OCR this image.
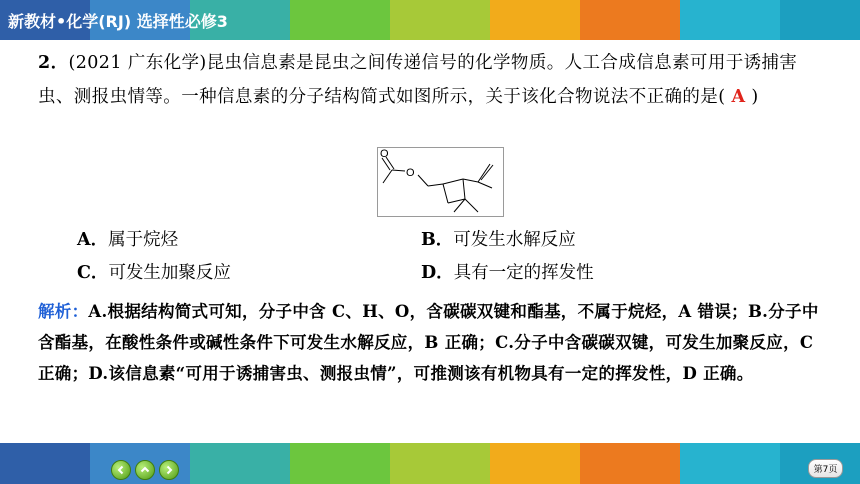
新教材•化学(RJ) 选择性必修3
2．(2021 广东化学)昆虫信息素是昆虫之间传递信号的化学物质。人工合成信息素可用于诱捕害虫、测报虫情等。一种信息素的分子结构简式如图所示，关于该化合物说法不正确的是( A )
O
O
A．属于烷烃	B．可发生水解反应
C．可发生加聚反应	D．具有一定的挥发性
解析：A.根据结构简式可知，分子中含 C、H、O，含碳碳双键和酯基，不属于烷烃，A 错误；B.分子中含酯基，在酸性条件或碱性条件下可发生水解反应，B 正确；C.分子中含碳碳双键，可发生加聚反应，C 正确；D.该信息素“可用于诱捕害虫、测报虫情”，可推测该有机物具有一定的挥发性，D 正确。
第7页
